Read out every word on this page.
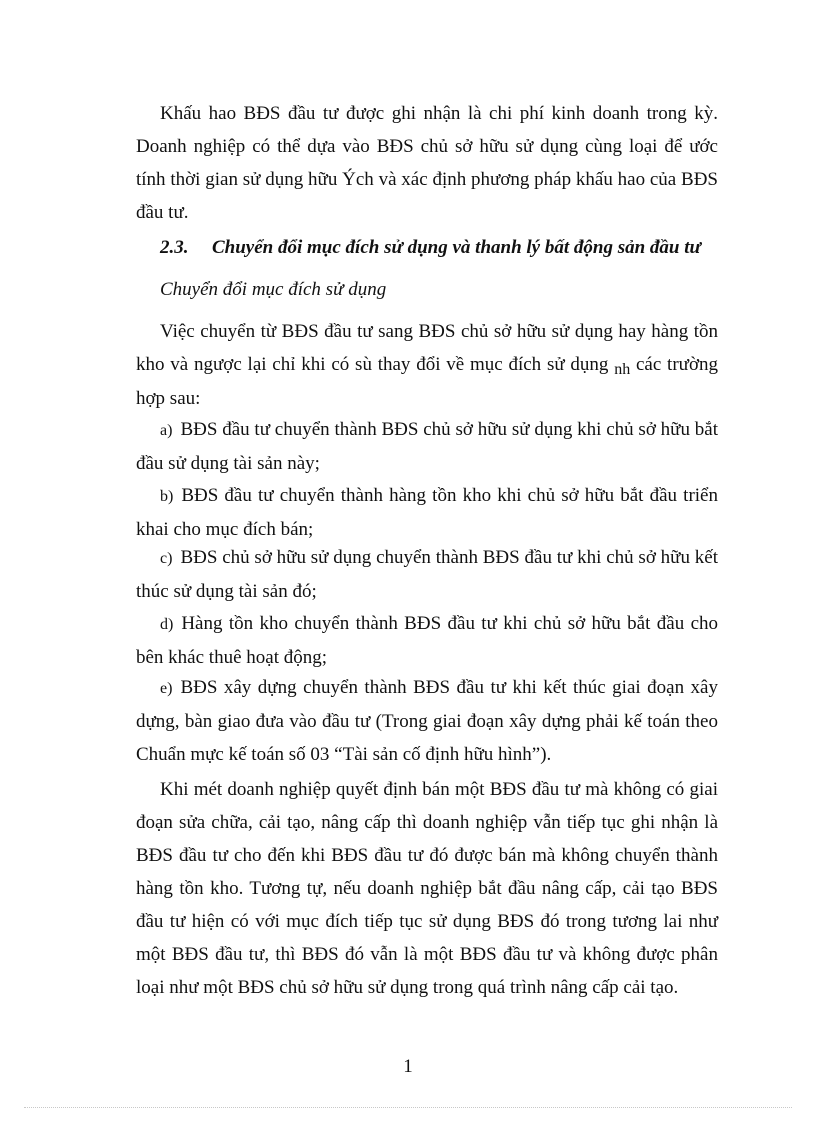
Khấu hao BĐS đầu tư được ghi nhận là chi phí kinh doanh trong kỳ. Doanh nghiệp có thể dựa vào BĐS chủ sở hữu sử dụng cùng loại để ước tính thời gian sử dụng hữu Ých và xác định phương pháp khấu hao của BĐS đầu tư.

2.3. Chuyển đổi mục đích sử dụng và thanh lý bất động sản đầu tư

Chuyển đổi mục đích sử dụng

Việc chuyển từ BĐS đầu tư sang BĐS chủ sở hữu sử dụng hay hàng tồn kho và ngược lại chỉ khi có sù thay đổi về mục đích sử dụng $_{nh}$ các trường hợp sau:

a) BĐS đầu tư chuyển thành BĐS chủ sở hữu sử dụng khi chủ sở hữu bắt đầu sử dụng tài sản này;

b) BĐS đầu tư chuyển thành hàng tồn kho khi chủ sở hữu bắt đầu triển khai cho mục đích bán;

c) BĐS chủ sở hữu sử dụng chuyển thành BĐS đầu tư khi chủ sở hữu kết thúc sử dụng tài sản đó;

d) Hàng tồn kho chuyển thành BĐS đầu tư khi chủ sở hữu bắt đầu cho bên khác thuê hoạt động;

e) BĐS xây dựng chuyển thành BĐS đầu tư khi kết thúc giai đoạn xây dựng, bàn giao đưa vào đầu tư (Trong giai đoạn xây dựng phải kế toán theo Chuẩn mực kế toán số 03 “Tài sản cố định hữu hình”).

Khi mét doanh nghiệp quyết định bán một BĐS đầu tư mà không có giai đoạn sửa chữa, cải tạo, nâng cấp thì doanh nghiệp vẫn tiếp tục ghi nhận là BĐS đầu tư cho đến khi BĐS đầu tư đó được bán mà không chuyển thành hàng tồn kho. Tương tự, nếu doanh nghiệp bắt đầu nâng cấp, cải tạo BĐS đầu tư hiện có với mục đích tiếp tục sử dụng BĐS đó trong tương lai như một BĐS đầu tư, thì BĐS đó vẫn là một BĐS đầu tư và không được phân loại như một BĐS chủ sở hữu sử dụng trong quá trình nâng cấp cải tạo.

1
